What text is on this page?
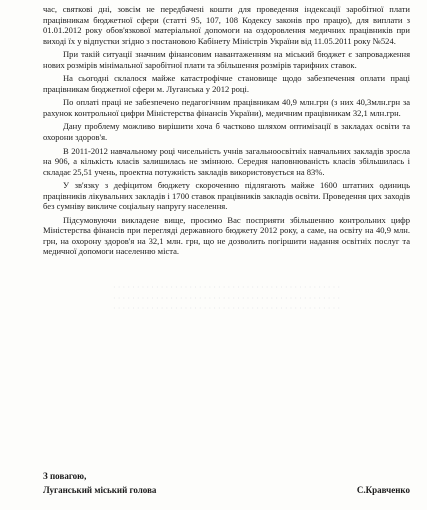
· · · · · · · · · · · · · · · · · · · · · · · · · · · · · · · · · · · · · · · · · · · · · · · ·

· · · · · · · · · · · · · · · · · · · · · · · · · · · · · · · · · · · · · · · · · · · · · · · ·

· · · · · · · · · · · · · · · · · · · · · · · · · · · · · · · · · · · · · · · · · · · · · · · ·

час, святкові дні, зовсім не передбачені кошти для проведення індексації заробітної плати працівникам бюджетної сфери (статті 95, 107, 108 Кодексу законів про працю), для виплати з 01.01.2012 року обов'язкової матеріальної допомоги на оздоровлення медичних працівників при виході їх у відпустки згідно з постановою Кабінету Міністрів України від 11.05.2011 року №524.

При такій ситуації значним фінансовим навантаженням на міський бюджет є запровадження нових розмірів мінімальної заробітної плати та збільшення розмірів тарифних ставок.

На сьогодні склалося майже катастрофічне становище щодо забезпечення оплати праці працівникам бюджетної сфери м. Луганська у 2012 році.

По оплаті праці не забезпечено педагогічним працівникам 40,9 млн.грн (з них 40,3млн.грн за рахунок контрольної цифри Міністерства фінансів України), медичним працівникам 32,1 млн.грн.

Дану проблему можливо вирішити хоча б частково шляхом оптимізації в закладах освіти та охорони здоров'я.

В 2011-2012 навчальному році чисельність учнів загальноосвітніх навчальних закладів зросла на 906, а кількість класів залишилась не змінною. Середня наповнюваність класів збільшилась і складає 25,51 учень, проектна потужність закладів використовується на 83%.

У зв'язку з дефіцитом бюджету скороченню підлягають майже 1600 штатних одиниць працівників лікувальних закладів і 1700 ставок працівників закладів освіти. Проведення цих заходів без сумніву викличе соціальну напругу населення.

Підсумовуючи викладене вище, просимо Вас посприяти збільшенню контрольних цифр Міністерства фінансів при перегляді державного бюджету 2012 року, а саме, на освіту на 40,9 млн. грн, на охорону здоров'я на 32,1 млн. грн, що не дозволить погіршити надання освітніх послуг та медичної допомоги населенню міста.

З повагою,
Луганський міський голова	С.Кравченко
